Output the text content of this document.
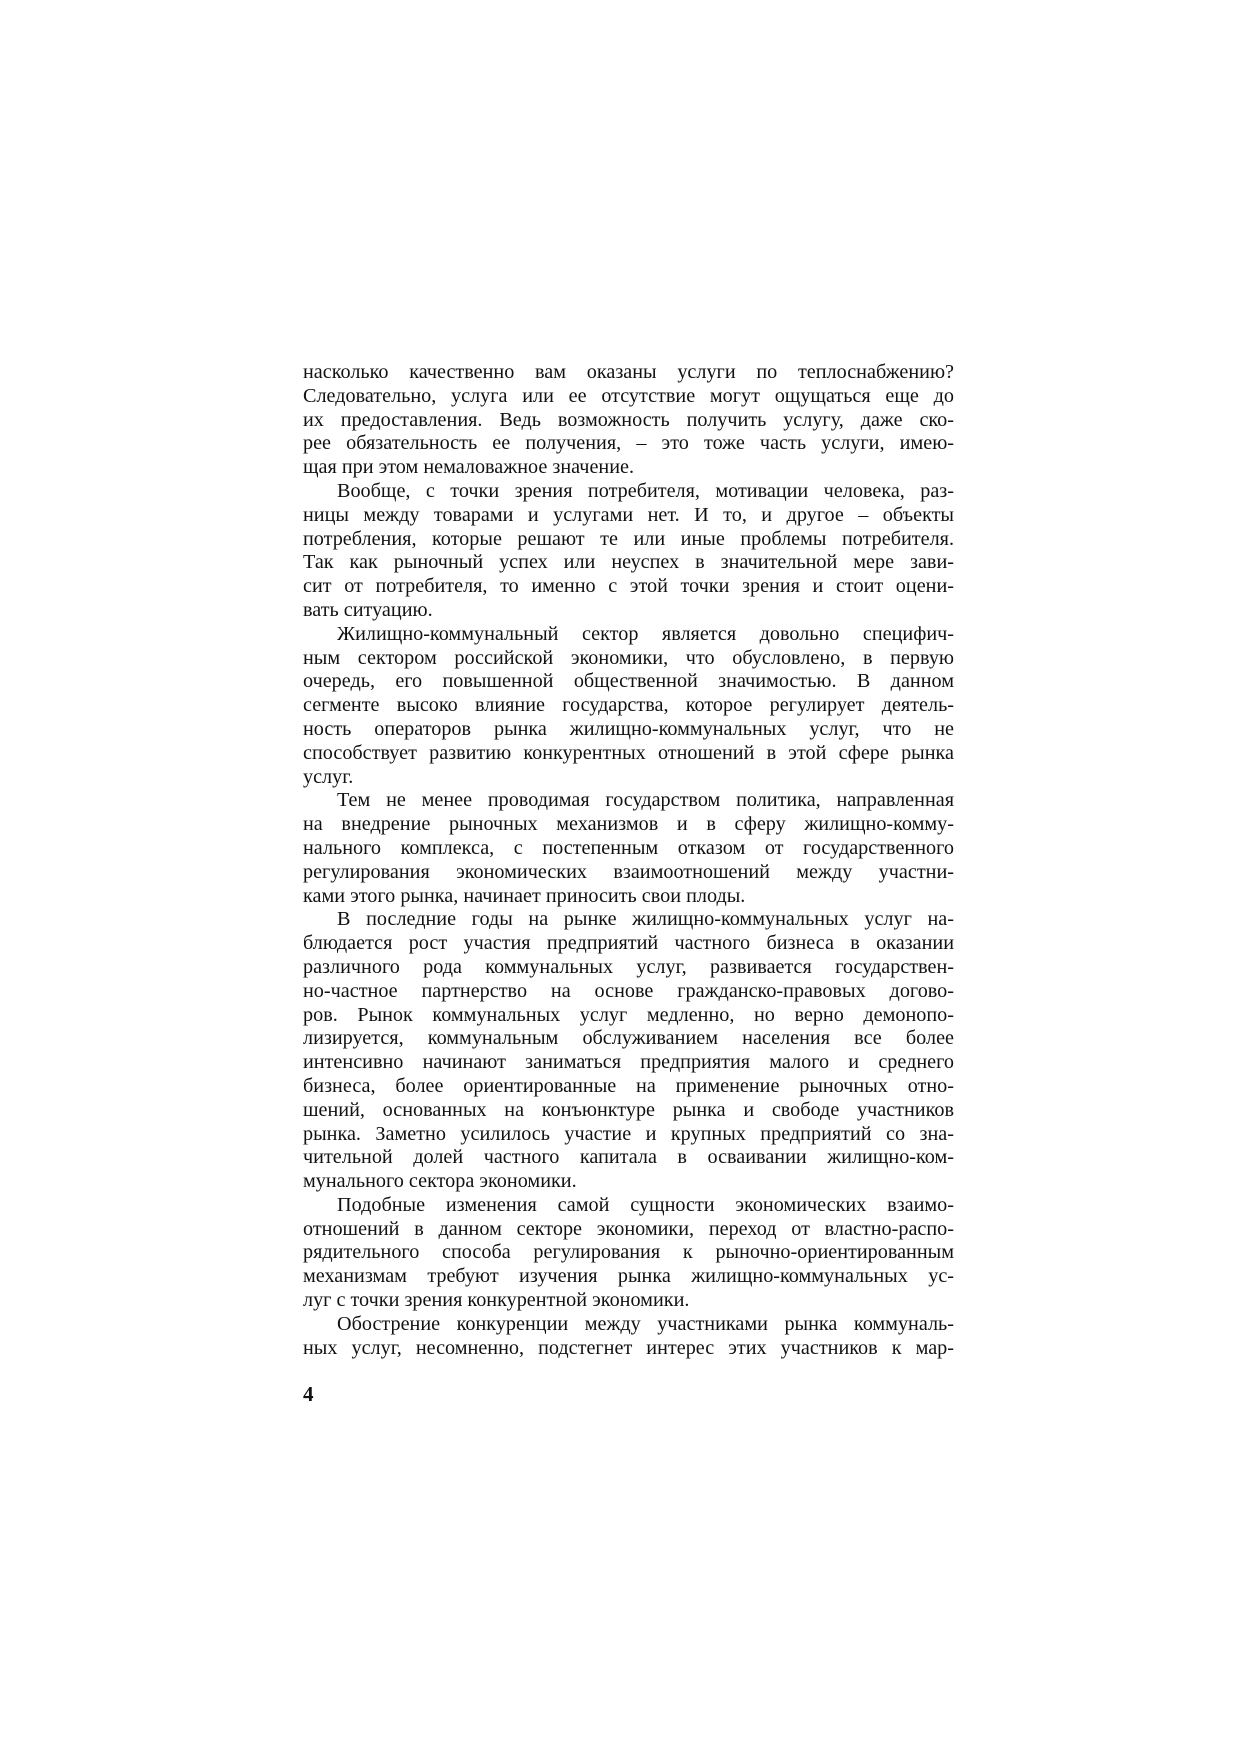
насколько качественно вам оказаны услуги по теплоснабжению?
Следовательно, услуга или ее отсутствие могут ощущаться еще до
их предоставления. Ведь возможность получить услугу, даже ско-
рее обязательность ее получения, – это тоже часть услуги, имею-
щая при этом немаловажное значение.

Вообще, с точки зрения потребителя, мотивации человека, раз-
ницы между товарами и услугами нет. И то, и другое – объекты
потребления, которые решают те или иные проблемы потребителя.
Так как рыночный успех или неуспех в значительной мере зави-
сит от потребителя, то именно с этой точки зрения и стоит оцени-
вать ситуацию.

Жилищно-коммунальный сектор является довольно специфич-
ным сектором российской экономики, что обусловлено, в первую
очередь, его повышенной общественной значимостью. В данном
сегменте высоко влияние государства, которое регулирует деятель-
ность операторов рынка жилищно-коммунальных услуг, что не
способствует развитию конкурентных отношений в этой сфере рынка
услуг.

Тем не менее проводимая государством политика, направленная
на внедрение рыночных механизмов и в сферу жилищно-комму-
нального комплекса, с постепенным отказом от государственного
регулирования экономических взаимоотношений между участни-
ками этого рынка, начинает приносить свои плоды.

В последние годы на рынке жилищно-коммунальных услуг на-
блюдается рост участия предприятий частного бизнеса в оказании
различного рода коммунальных услуг, развивается государствен-
но-частное партнерство на основе гражданско-правовых догово-
ров. Рынок коммунальных услуг медленно, но верно демонопо-
лизируется, коммунальным обслуживанием населения все более
интенсивно начинают заниматься предприятия малого и среднего
бизнеса, более ориентированные на применение рыночных отно-
шений, основанных на конъюнктуре рынка и свободе участников
рынка. Заметно усилилось участие и крупных предприятий со зна-
чительной долей частного капитала в осваивании жилищно-ком-
мунального сектора экономики.

Подобные изменения самой сущности экономических взаимо-
отношений в данном секторе экономики, переход от властно-распо-
рядительного способа регулирования к рыночно-ориентированным
механизмам требуют изучения рынка жилищно-коммунальных ус-
луг с точки зрения конкурентной экономики.

Обострение конкуренции между участниками рынка коммуналь-
ных услуг, несомненно, подстегнет интерес этих участников к мар-

4
